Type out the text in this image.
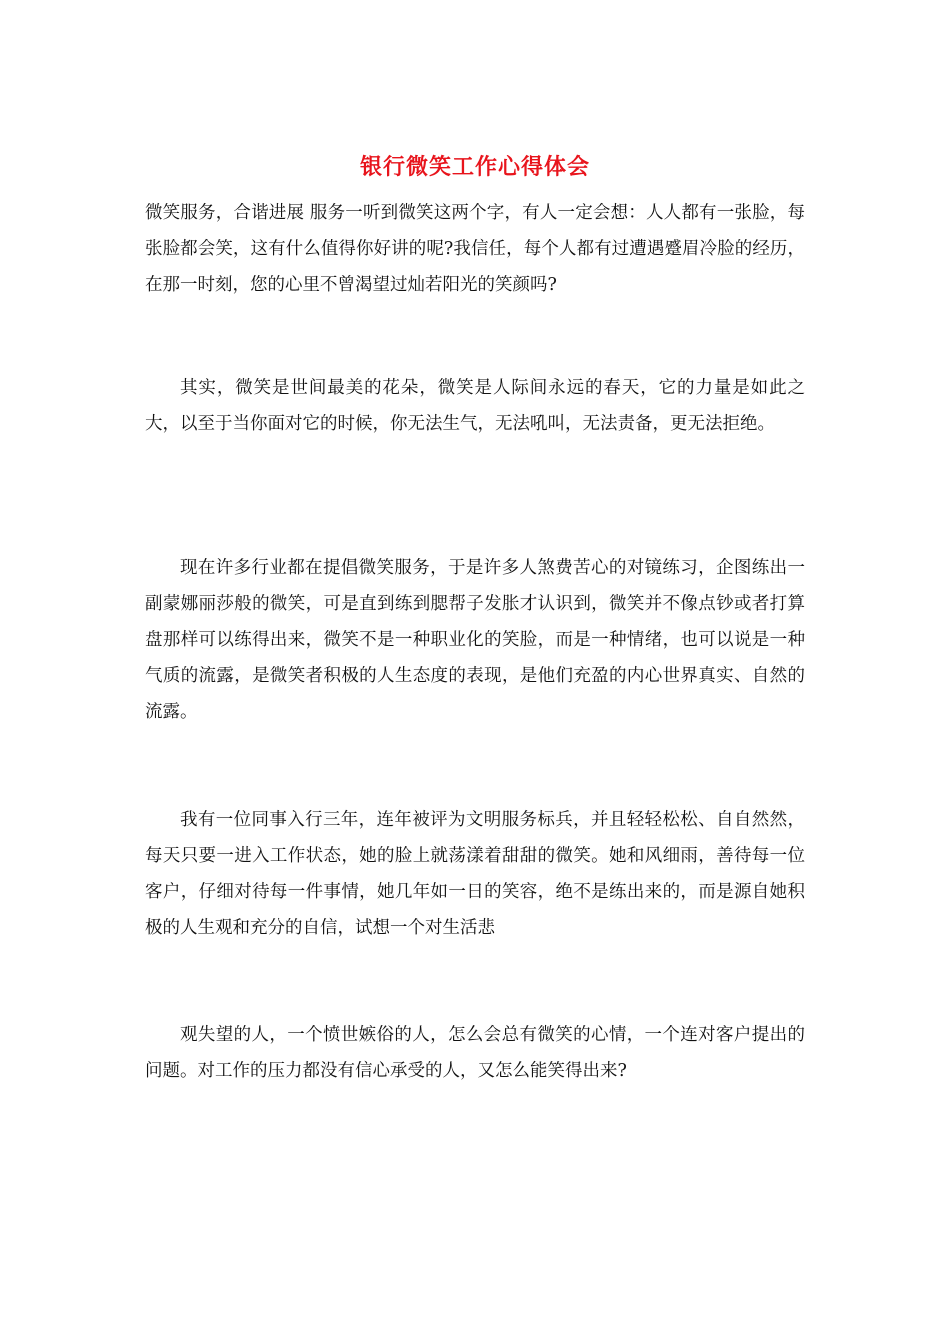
银行微笑工作心得体会

微笑服务，合谐进展 服务一听到微笑这两个字，有人一定会想：人人都有一张脸，每张脸都会笑，这有什么值得你好讲的呢?我信任，每个人都有过遭遇蹙眉冷脸的经历，在那一时刻，您的心里不曾渴望过灿若阳光的笑颜吗?

其实，微笑是世间最美的花朵，微笑是人际间永远的春天，它的力量是如此之大，以至于当你面对它的时候，你无法生气，无法吼叫，无法责备，更无法拒绝。

现在许多行业都在提倡微笑服务，于是许多人煞费苦心的对镜练习，企图练出一副蒙娜丽莎般的微笑，可是直到练到腮帮子发胀才认识到，微笑并不像点钞或者打算盘那样可以练得出来，微笑不是一种职业化的笑脸，而是一种情绪，也可以说是一种气质的流露，是微笑者积极的人生态度的表现，是他们充盈的内心世界真实、自然的流露。

我有一位同事入行三年，连年被评为文明服务标兵，并且轻轻松松、自自然然，每天只要一进入工作状态，她的脸上就荡漾着甜甜的微笑。她和风细雨，善待每一位客户，仔细对待每一件事情，她几年如一日的笑容，绝不是练出来的，而是源自她积极的人生观和充分的自信，试想一个对生活悲

观失望的人，一个愤世嫉俗的人，怎么会总有微笑的心情，一个连对客户提出的问题。对工作的压力都没有信心承受的人，又怎么能笑得出来?
